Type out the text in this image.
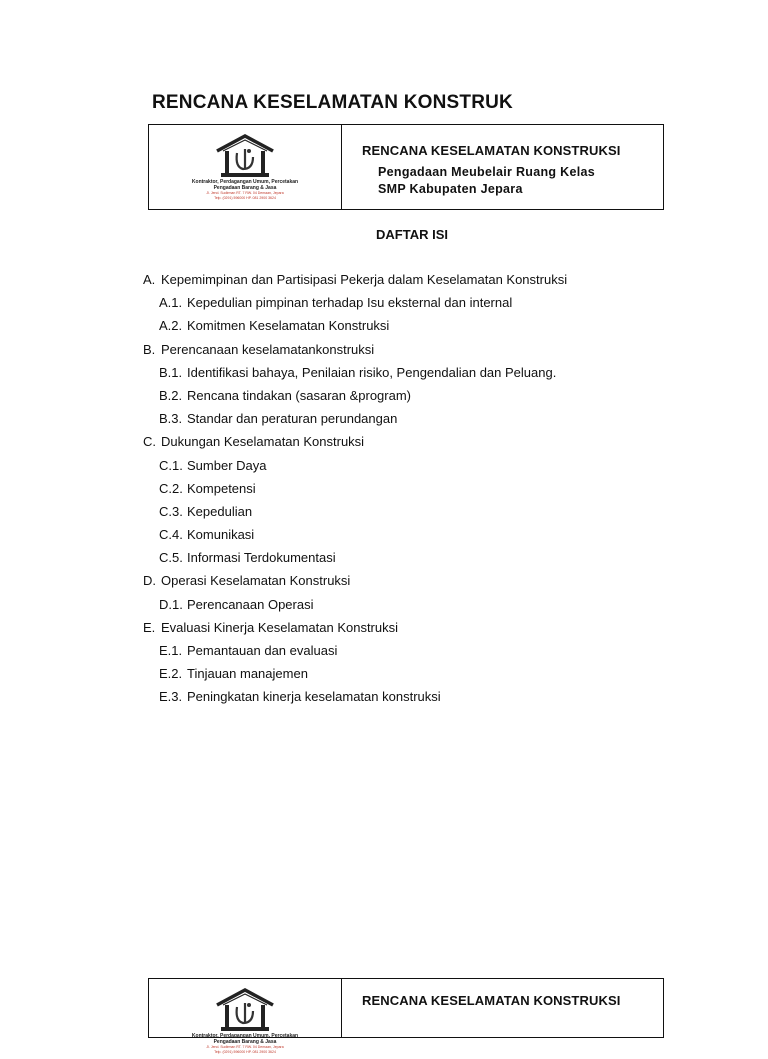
RENCANA KESELAMATAN KONSTRUK
Kontraktor, Perdagangan Umum, Percetakan
Pengadaan Barang & Jasa
Jl. Jend. Sudirman RT. 7 RW. 04 Demaan, Jepara
Telp. (0291) 596000 HP. 081 2900 3624
RENCANA KESELAMATAN KONSTRUKSI
Pengadaan Meubelair Ruang Kelas
SMP Kabupaten Jepara
DAFTAR ISI
A. Kepemimpinan dan Partisipasi Pekerja dalam Keselamatan Konstruksi
A.1. Kepedulian pimpinan terhadap Isu eksternal dan internal
A.2. Komitmen Keselamatan Konstruksi
B. Perencanaan keselamatankonstruksi
B.1. Identifikasi bahaya, Penilaian risiko, Pengendalian dan Peluang.
B.2. Rencana tindakan (sasaran &program)
B.3. Standar dan peraturan perundangan
C. Dukungan Keselamatan Konstruksi
C.1. Sumber Daya
C.2. Kompetensi
C.3. Kepedulian
C.4. Komunikasi
C.5. Informasi Terdokumentasi
D. Operasi Keselamatan Konstruksi
D.1. Perencanaan Operasi
E. Evaluasi Kinerja Keselamatan Konstruksi
E.1. Pemantauan dan evaluasi
E.2. Tinjauan manajemen
E.3. Peningkatan kinerja keselamatan konstruksi
Kontraktor, Perdagangan Umum, Percetakan
Pengadaan Barang & Jasa
Jl. Jend. Sudirman RT. 7 RW. 04 Demaan, Jepara
Telp. (0291) 596000 HP. 081 2900 3624
RENCANA KESELAMATAN KONSTRUKSI
